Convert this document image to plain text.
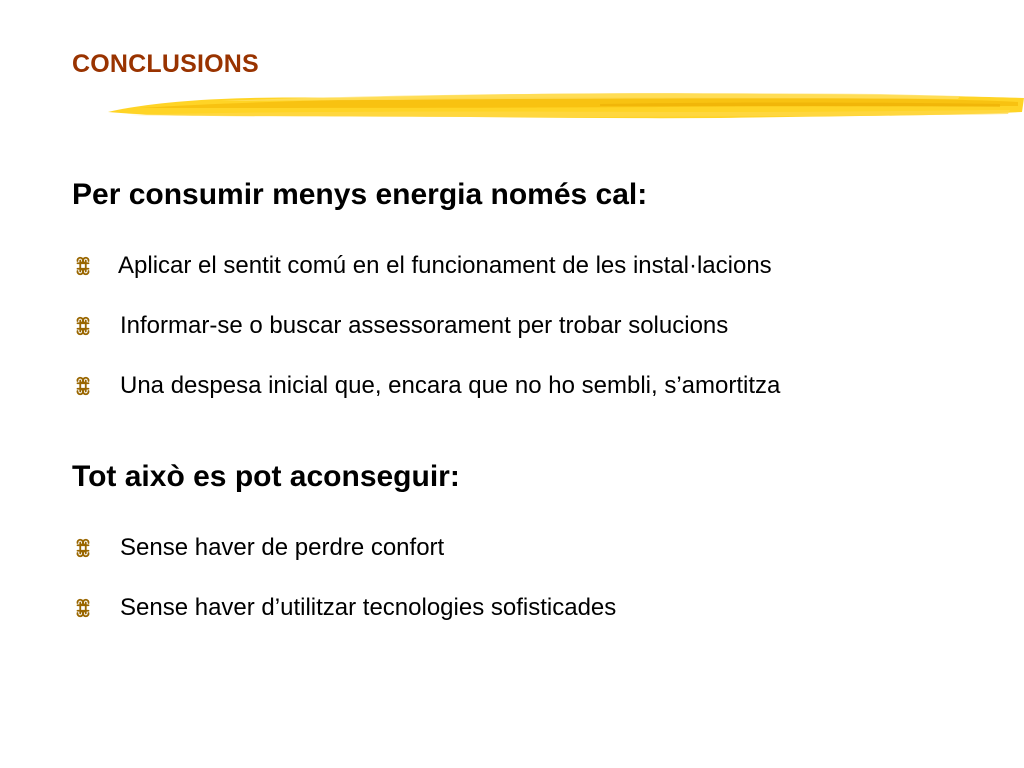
CONCLUSIONS
Per consumir menys energia només cal:
Aplicar el sentit comú en el funcionament de les instal·lacions
Informar-se o buscar assessorament per trobar solucions
Una despesa inicial que, encara que no ho sembli, s’amortitza
Tot això es pot aconseguir:
Sense haver de perdre confort
Sense haver d’utilitzar tecnologies sofisticades
